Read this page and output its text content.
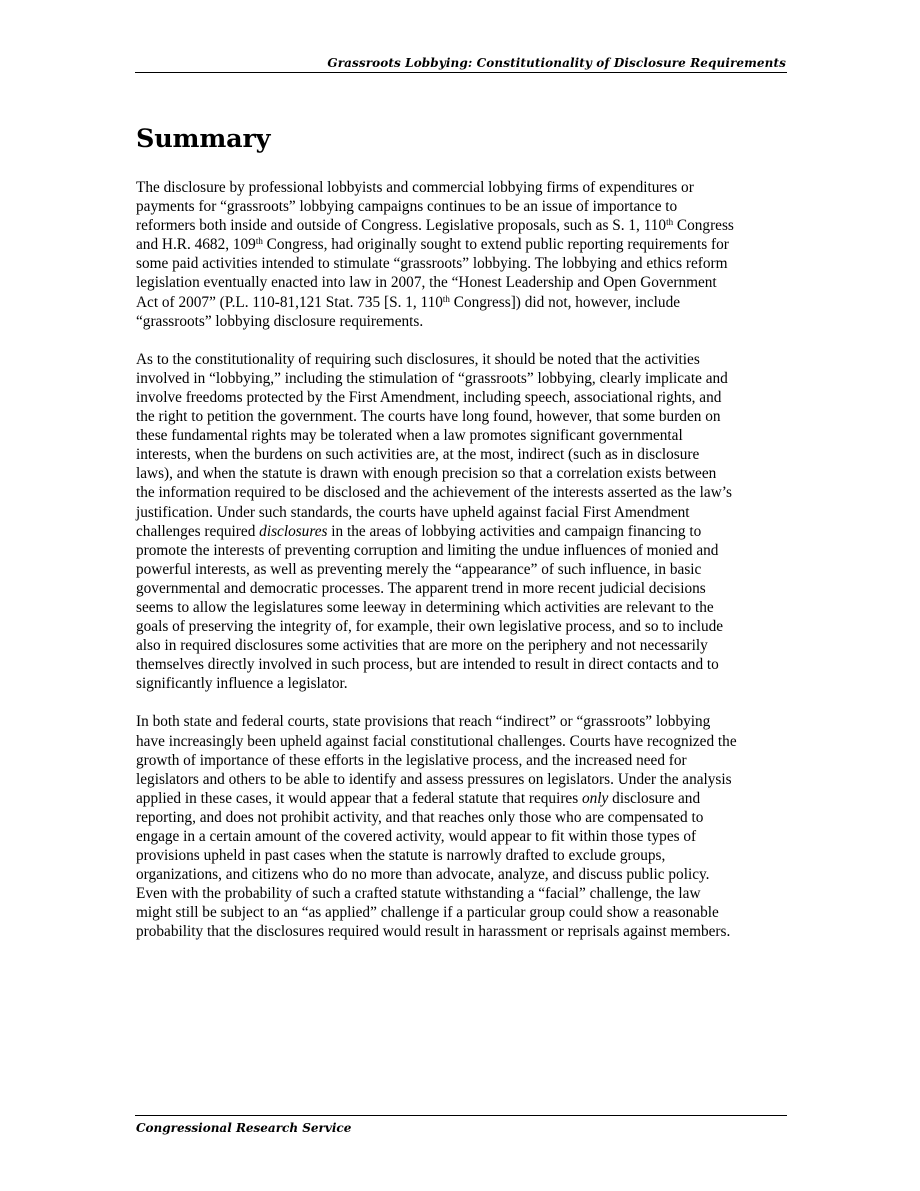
Grassroots Lobbying: Constitutionality of Disclosure Requirements
Summary

The disclosure by professional lobbyists and commercial lobbying firms of expenditures or
payments for “grassroots” lobbying campaigns continues to be an issue of importance to
reformers both inside and outside of Congress. Legislative proposals, such as S. 1, 110th Congress
and H.R. 4682, 109th Congress, had originally sought to extend public reporting requirements for
some paid activities intended to stimulate “grassroots” lobbying. The lobbying and ethics reform
legislation eventually enacted into law in 2007, the “Honest Leadership and Open Government
Act of 2007” (P.L. 110-81,121 Stat. 735 [S. 1, 110th Congress]) did not, however, include
“grassroots” lobbying disclosure requirements.

As to the constitutionality of requiring such disclosures, it should be noted that the activities
involved in “lobbying,” including the stimulation of “grassroots” lobbying, clearly implicate and
involve freedoms protected by the First Amendment, including speech, associational rights, and
the right to petition the government. The courts have long found, however, that some burden on
these fundamental rights may be tolerated when a law promotes significant governmental
interests, when the burdens on such activities are, at the most, indirect (such as in disclosure
laws), and when the statute is drawn with enough precision so that a correlation exists between
the information required to be disclosed and the achievement of the interests asserted as the law’s
justification. Under such standards, the courts have upheld against facial First Amendment
challenges required disclosures in the areas of lobbying activities and campaign financing to
promote the interests of preventing corruption and limiting the undue influences of monied and
powerful interests, as well as preventing merely the “appearance” of such influence, in basic
governmental and democratic processes. The apparent trend in more recent judicial decisions
seems to allow the legislatures some leeway in determining which activities are relevant to the
goals of preserving the integrity of, for example, their own legislative process, and so to include
also in required disclosures some activities that are more on the periphery and not necessarily
themselves directly involved in such process, but are intended to result in direct contacts and to
significantly influence a legislator.

In both state and federal courts, state provisions that reach “indirect” or “grassroots” lobbying
have increasingly been upheld against facial constitutional challenges. Courts have recognized the
growth of importance of these efforts in the legislative process, and the increased need for
legislators and others to be able to identify and assess pressures on legislators. Under the analysis
applied in these cases, it would appear that a federal statute that requires only disclosure and
reporting, and does not prohibit activity, and that reaches only those who are compensated to
engage in a certain amount of the covered activity, would appear to fit within those types of
provisions upheld in past cases when the statute is narrowly drafted to exclude groups,
organizations, and citizens who do no more than advocate, analyze, and discuss public policy.
Even with the probability of such a crafted statute withstanding a “facial” challenge, the law
might still be subject to an “as applied” challenge if a particular group could show a reasonable
probability that the disclosures required would result in harassment or reprisals against members.

Congressional Research Service
